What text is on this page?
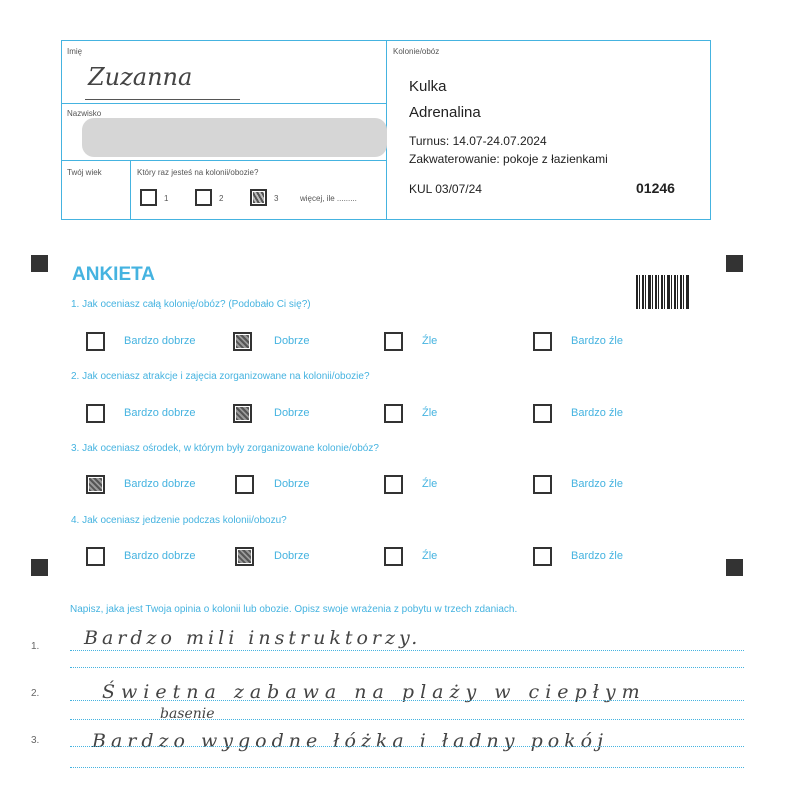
Imię
Zuzanna
Nazwisko
Twój wiek	Który raz jesteś na kolonii/obozie?
1	2	3	więcej, ile .........
Kolonie/obóz
Kulka
Adrenalina
Turnus: 14.07-24.07.2024
Zakwaterowanie: pokoje z łazienkami
KUL 03/07/24	01246
ANKIETA
1. Jak oceniasz całą kolonię/obóz? (Podobało Ci się?)
Bardzo dobrze	Dobrze	Źle	Bardzo źle
2. Jak oceniasz atrakcje i zajęcia zorganizowane na kolonii/obozie?
Bardzo dobrze	Dobrze	Źle	Bardzo źle
3. Jak oceniasz ośrodek, w którym były zorganizowane kolonie/obóz?
Bardzo dobrze	Dobrze	Źle	Bardzo źle
4. Jak oceniasz jedzenie podczas kolonii/obozu?
Bardzo dobrze	Dobrze	Źle	Bardzo źle
Napisz, jaka jest Twoja opinia o kolonii lub obozie. Opisz swoje wrażenia z pobytu w trzech zdaniach.
1. Bardzo mili instruktorzy.
2.	Świetna zabawa na plaży w ciepłym
basenie
3.	Bardzo wygodne łóżka i ładny pokój
